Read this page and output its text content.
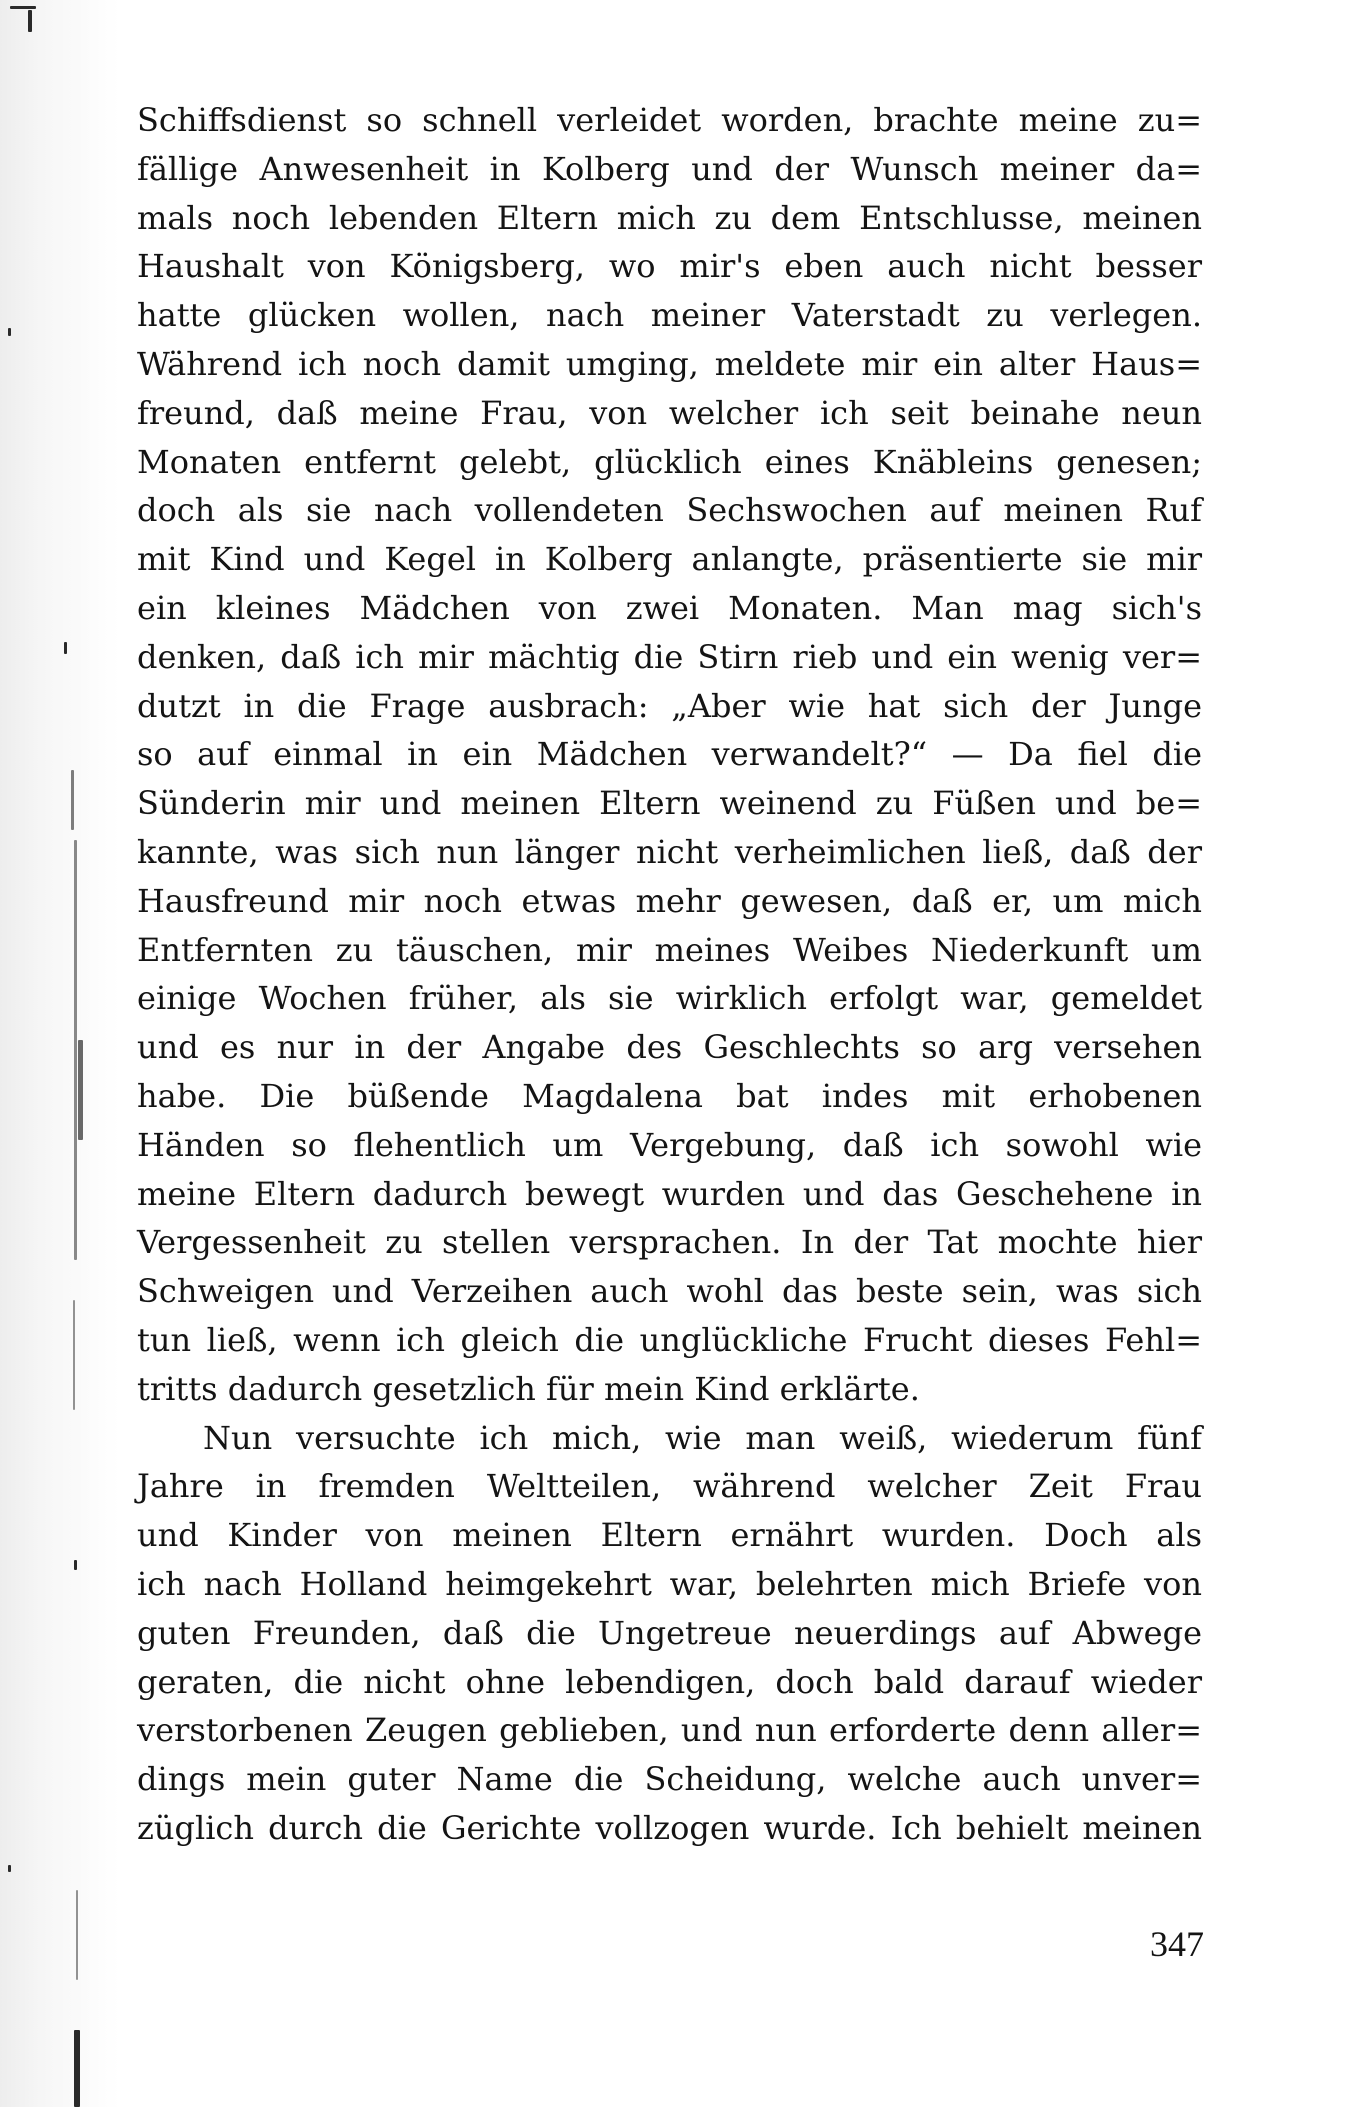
Schiffsdienst so schnell verleidet worden, brachte meine zu=
fällige Anwesenheit in Kolberg und der Wunsch meiner da=
mals noch lebenden Eltern mich zu dem Entschlusse, meinen
Haushalt von Königsberg, wo mir's eben auch nicht besser
hatte glücken wollen, nach meiner Vaterstadt zu verlegen.
Während ich noch damit umging, meldete mir ein alter Haus=
freund, daß meine Frau, von welcher ich seit beinahe neun
Monaten entfernt gelebt, glücklich eines Knäbleins genesen;
doch als sie nach vollendeten Sechswochen auf meinen Ruf
mit Kind und Kegel in Kolberg anlangte, präsentierte sie mir
ein kleines Mädchen von zwei Monaten. Man mag sich's
denken, daß ich mir mächtig die Stirn rieb und ein wenig ver=
dutzt in die Frage ausbrach: „Aber wie hat sich der Junge
so auf einmal in ein Mädchen verwandelt?“ — Da fiel die
Sünderin mir und meinen Eltern weinend zu Füßen und be=
kannte, was sich nun länger nicht verheimlichen ließ, daß der
Hausfreund mir noch etwas mehr gewesen, daß er, um mich
Entfernten zu täuschen, mir meines Weibes Niederkunft um
einige Wochen früher, als sie wirklich erfolgt war, gemeldet
und es nur in der Angabe des Geschlechts so arg versehen
habe. Die büßende Magdalena bat indes mit erhobenen
Händen so flehentlich um Vergebung, daß ich sowohl wie
meine Eltern dadurch bewegt wurden und das Geschehene in
Vergessenheit zu stellen versprachen. In der Tat mochte hier
Schweigen und Verzeihen auch wohl das beste sein, was sich
tun ließ, wenn ich gleich die unglückliche Frucht dieses Fehl=
tritts dadurch gesetzlich für mein Kind erklärte.
Nun versuchte ich mich, wie man weiß, wiederum fünf
Jahre in fremden Weltteilen, während welcher Zeit Frau
und Kinder von meinen Eltern ernährt wurden. Doch als
ich nach Holland heimgekehrt war, belehrten mich Briefe von
guten Freunden, daß die Ungetreue neuerdings auf Abwege
geraten, die nicht ohne lebendigen, doch bald darauf wieder
verstorbenen Zeugen geblieben, und nun erforderte denn aller=
dings mein guter Name die Scheidung, welche auch unver=
züglich durch die Gerichte vollzogen wurde. Ich behielt meinen
347
